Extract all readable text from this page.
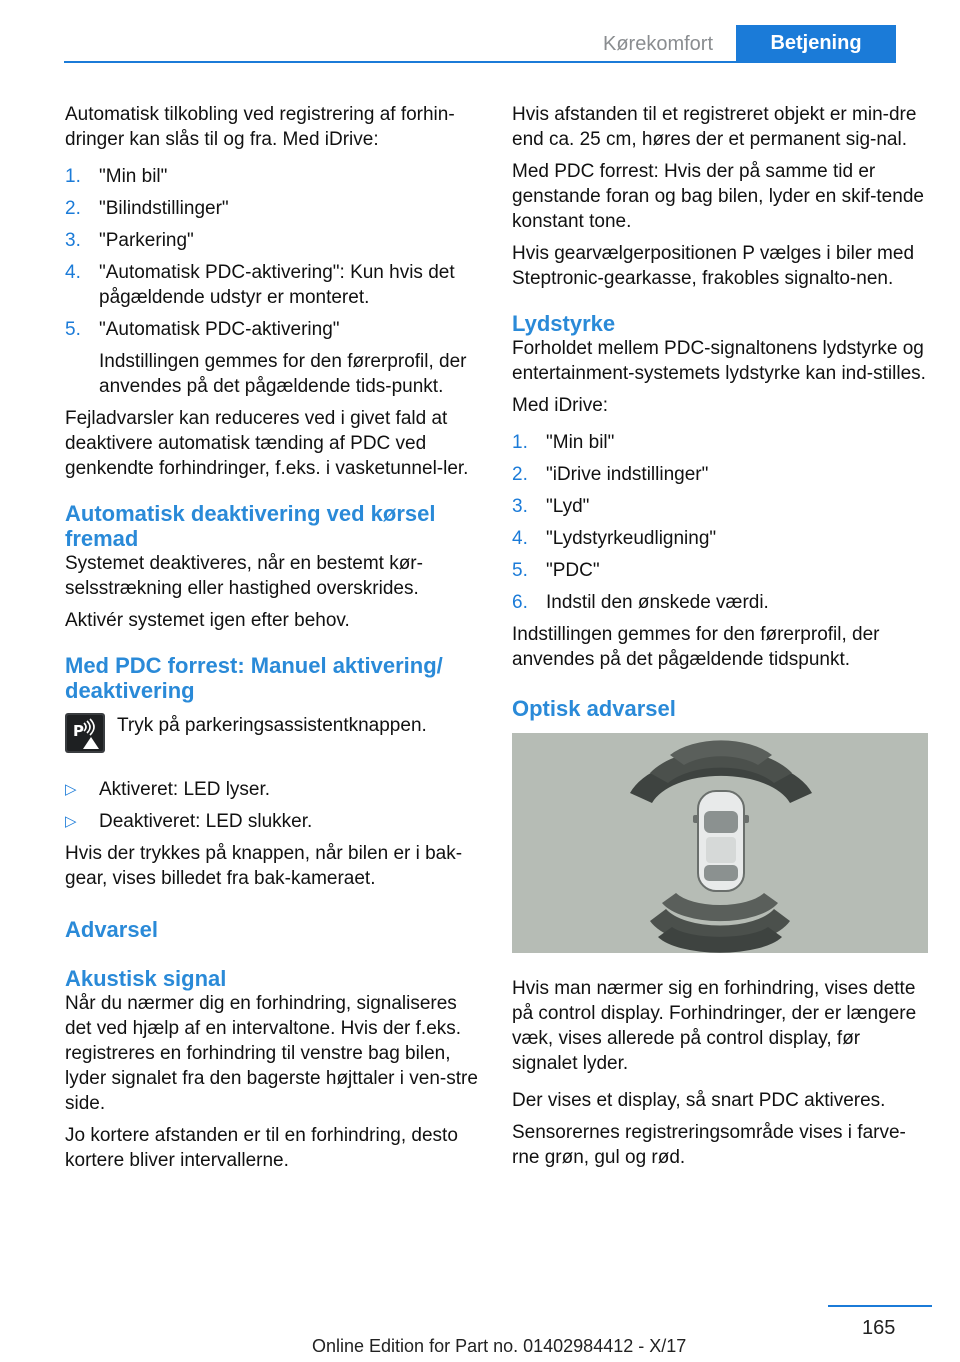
Kørekomfort	Betjening

Automatisk tilkobling ved registrering af forhin-dringer kan slås til og fra. Med iDrive:

1. "Min bil"
2. "Bilindstillinger"
3. "Parkering"
4. "Automatisk PDC-aktivering": Kun hvis det pågældende udstyr er monteret.
5. "Automatisk PDC-aktivering"
Indstillingen gemmes for den førerprofil, der anvendes på det pågældende tids-punkt.

Fejladvarsler kan reduceres ved i givet fald at deaktivere automatisk tænding af PDC ved genkendte forhindringer, f.eks. i vasketunnel-ler.

Automatisk deaktivering ved kørsel fremad

Systemet deaktiveres, når en bestemt kør-selsstrækning eller hastighed overskrides.

Aktivér systemet igen efter behov.

Med PDC forrest: Manuel aktivering/ deaktivering
P Tryk på parkeringsassistentknappen.
▷ Aktiveret: LED lyser.
▷ Deaktiveret: LED slukker.

Hvis der trykkes på knappen, når bilen er i bak-gear, vises billedet fra bak-kameraet.

Advarsel
Akustisk signal

Når du nærmer dig en forhindring, signaliseres det ved hjælp af en intervaltone. Hvis der f.eks. registreres en forhindring til venstre bag bilen, lyder signalet fra den bagerste højttaler i ven-stre side.

Jo kortere afstanden er til en forhindring, desto kortere bliver intervallerne.

Hvis afstanden til et registreret objekt er min-dre end ca. 25 cm, høres der et permanent sig-nal.

Med PDC forrest: Hvis der på samme tid er genstande foran og bag bilen, lyder en skif-tende konstant tone.

Hvis gearvælgerpositionen P vælges i biler med Steptronic-gearkasse, frakobles signalto-nen.

Lydstyrke

Forholdet mellem PDC-signaltonens lydstyrke og entertainment-systemets lydstyrke kan ind-stilles.

Med iDrive:

1. "Min bil"
2. "iDrive indstillinger"
3. "Lyd"
4. "Lydstyrkeudligning"
5. "PDC"
6. Indstil den ønskede værdi.

Indstillingen gemmes for den førerprofil, der anvendes på det pågældende tidspunkt.

Optisk advarsel

Hvis man nærmer sig en forhindring, vises dette på control display. Forhindringer, der er længere væk, vises allerede på control display, før signalet lyder.

Der vises et display, så snart PDC aktiveres.

Sensorernes registreringsområde vises i farve-rne grøn, gul og rød.

165
Online Edition for Part no. 01402984412 - X/17
